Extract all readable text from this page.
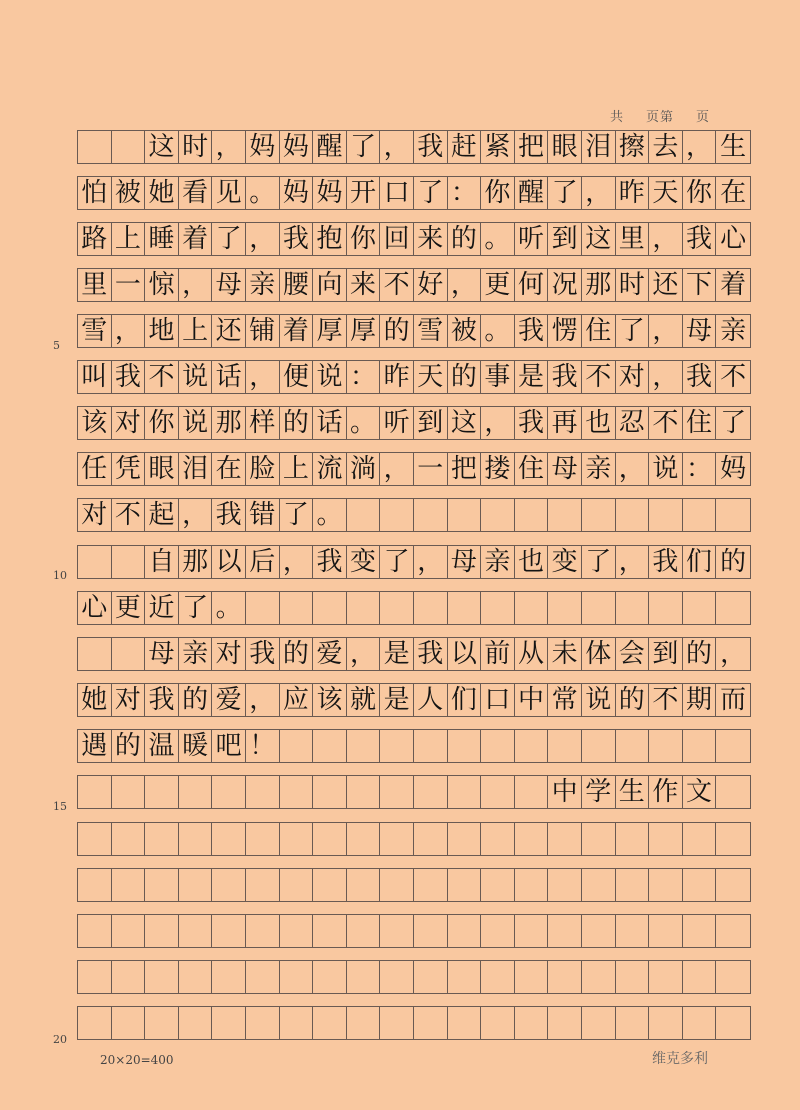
共 页第 页
这 时 ， 妈 妈 醒 了 ， 我 赶 紧 把 眼 泪 擦 去 ， 生
怕 被 她 看 见 。 妈 妈 开 口 了 ： 你 醒 了 ， 昨 天 你 在
路 上 睡 着 了 ， 我 抱 你 回 来 的 。 听 到 这 里 ， 我 心
里 一 惊 ， 母 亲 腰 向 来 不 好 ， 更 何 况 那 时 还 下 着
雪 ， 地 上 还 铺 着 厚 厚 的 雪 被 。 我 愣 住 了 ， 母 亲
叫 我 不 说 话 ， 便 说 ： 昨 天 的 事 是 我 不 对 ， 我 不
该 对 你 说 那 样 的 话 。 听 到 这 ， 我 再 也 忍 不 住 了
任 凭 眼 泪 在 脸 上 流 淌 ， 一 把 搂 住 母 亲 ， 说 ： 妈
对 不 起 ， 我 错 了 。
自 那 以 后 ， 我 变 了 ， 母 亲 也 变 了 ， 我 们 的
心 更 近 了 。
母 亲 对 我 的 爱 ， 是 我 以 前 从 未 体 会 到 的 ，
她 对 我 的 爱 ， 应 该 就 是 人 们 口 中 常 说 的 不 期 而
遇 的 温 暖 吧 ！
中 学 生 作 文
5
10
15
20
20×20=400	维克多利
